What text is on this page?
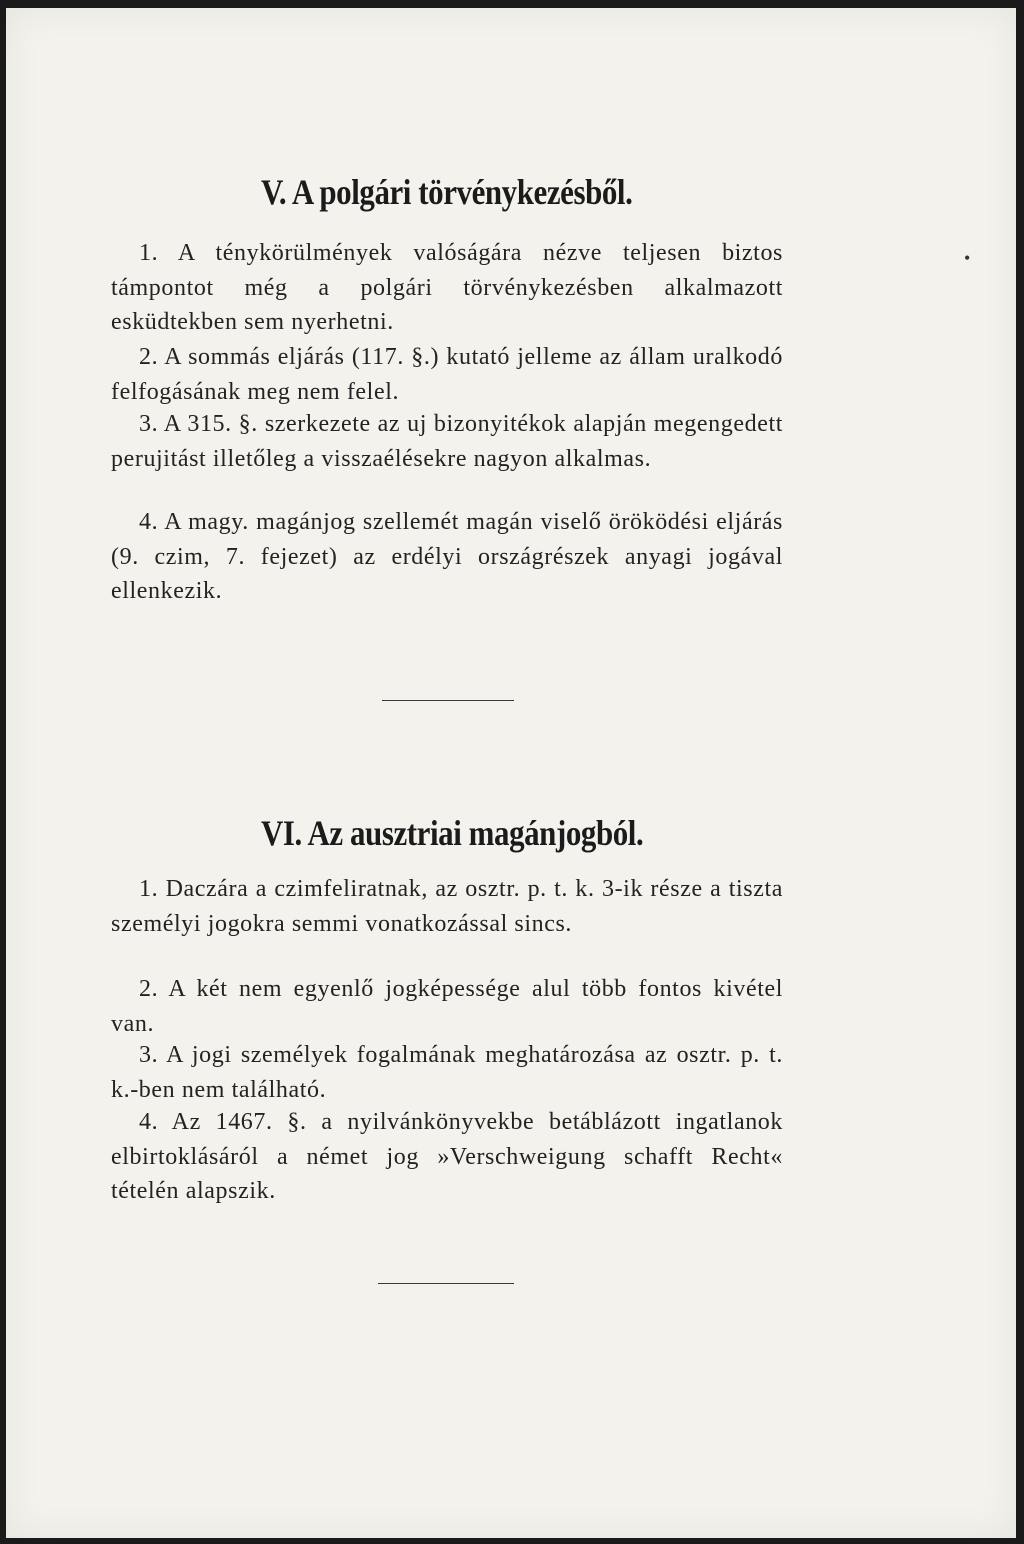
•
V. A polgári törvénykezésből.

1. A ténykörülmények valóságára nézve teljesen biztos támpontot még a polgári törvénykezésben alkalmazott esküdtekben sem nyerhetni.

2. A sommás eljárás (117. §.) kutató jelleme az állam uralkodó felfogásának meg nem felel.

3. A 315. §. szerkezete az uj bizonyitékok alapján megengedett perujitást illetőleg a visszaélésekre nagyon alkalmas.

4. A magy. magánjog szellemét magán viselő öröködési eljárás (9. czim, 7. fejezet) az erdélyi országrészek anyagi jogával ellenkezik.

VI. Az ausztriai magánjogból.

1. Daczára a czimfeliratnak, az osztr. p. t. k. 3-ik része a tiszta személyi jogokra semmi vonatkozással sincs.

2. A két nem egyenlő jogképessége alul több fontos kivétel van.

3. A jogi személyek fogalmának meghatározása az osztr. p. t. k.-ben nem található.

4. Az 1467. §. a nyilvánkönyvekbe betáblázott ingatlanok elbirtoklásáról a német jog »Verschweigung schafft Recht« tételén alapszik.
